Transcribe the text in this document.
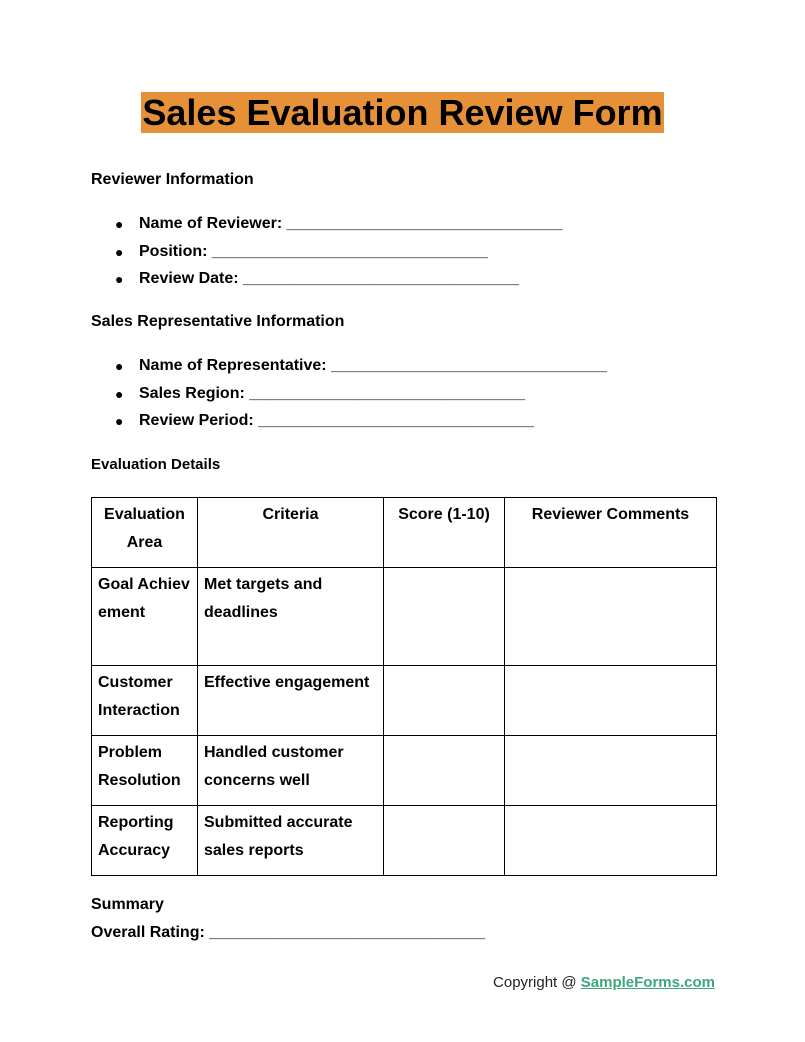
Sales Evaluation Review Form
Reviewer Information
● Name of Reviewer: _______________________________
● Position: _______________________________
● Review Date: _______________________________
Sales Representative Information
● Name of Representative: _______________________________
● Sales Region: _______________________________
● Review Period: _______________________________
Evaluation Details
Evaluation Area	Criteria	Score (1-10)	Reviewer Comments
Goal Achievement	Met targets and deadlines		
Customer Interaction	Effective engagement		
Problem Resolution	Handled customer concerns well		
Reporting Accuracy	Submitted accurate sales reports		
Summary
Overall Rating: _______________________________
Copyright @ SampleForms.com
